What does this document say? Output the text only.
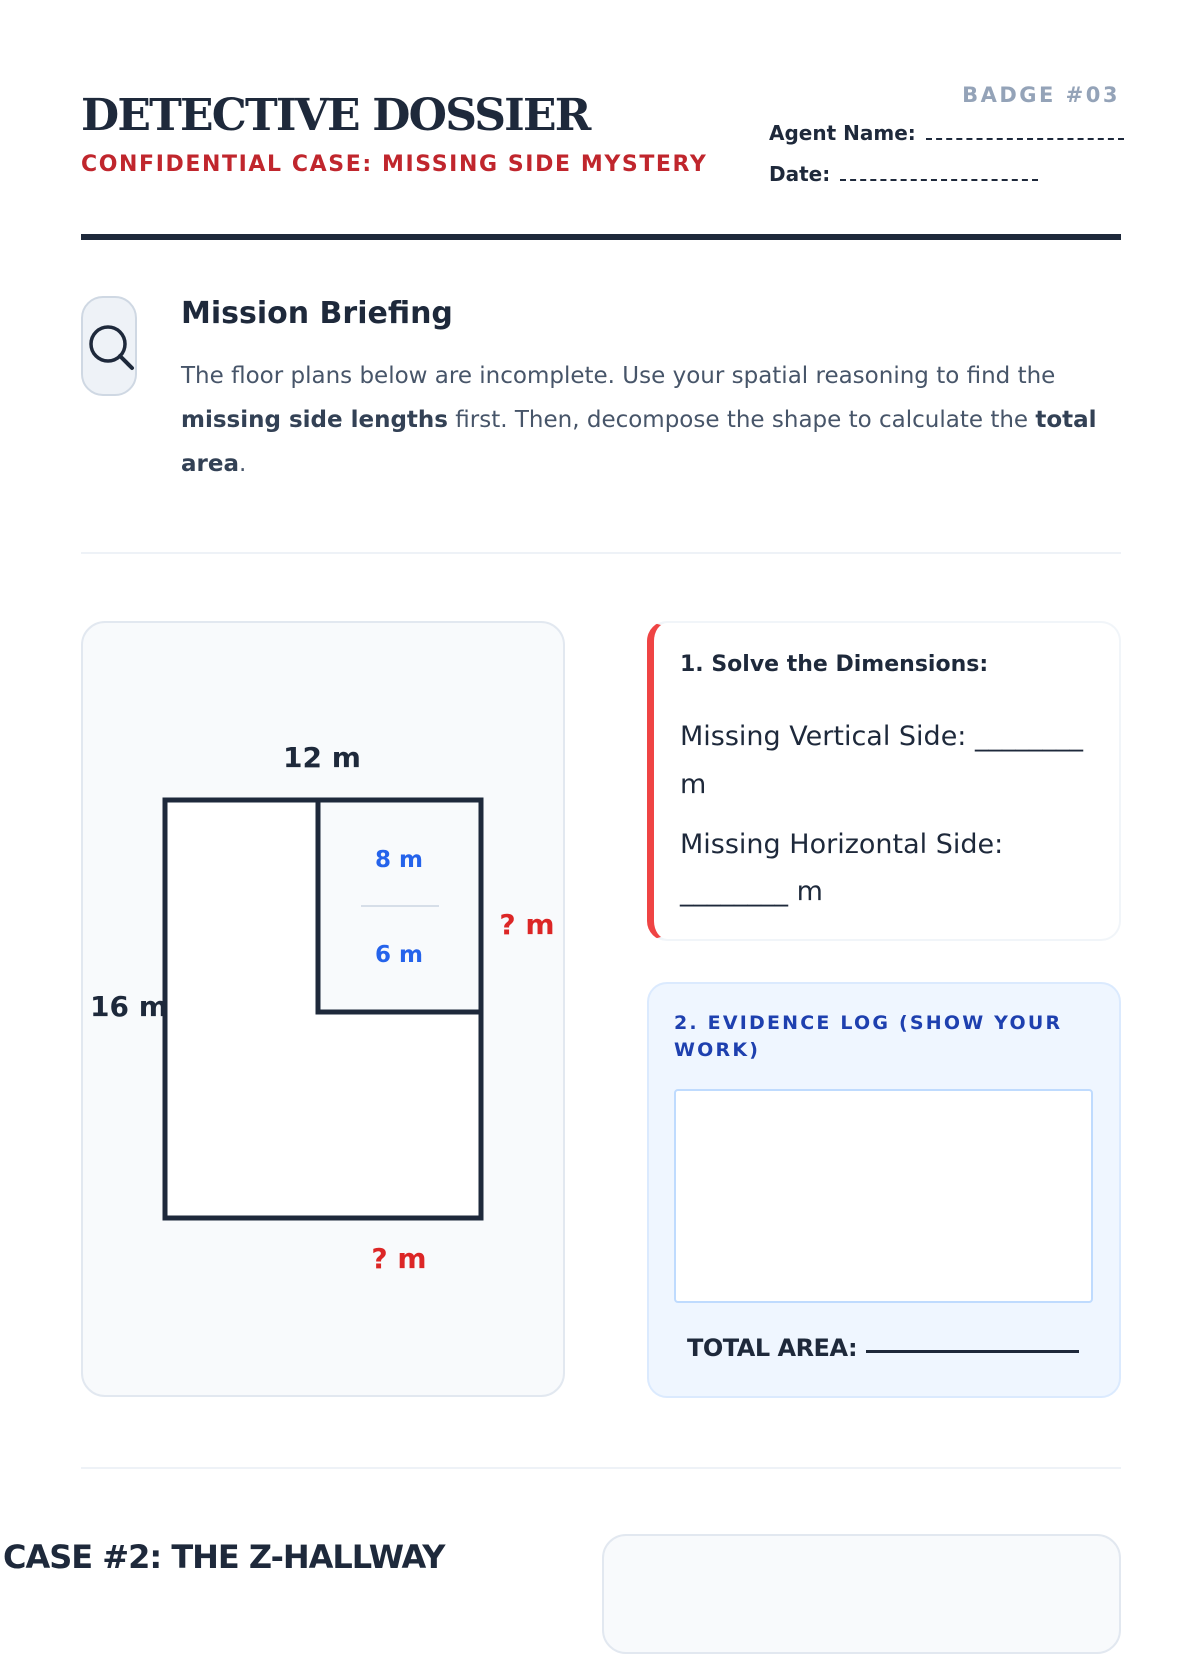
DETECTIVE DOSSIER
CONFIDENTIAL CASE: MISSING SIDE MYSTERY
BADGE #03
Agent Name:
Date:
Mission Briefing

The floor plans below are incomplete. Use your spatial reasoning to find the missing side lengths first. Then, decompose the shape to calculate the total area.

12 m
16 m
8 m
6 m
? m
? m
1. Solve the Dimensions:
Missing Vertical Side: ________
m
Missing Horizontal Side:
________ m
2. EVIDENCE LOG (SHOW YOUR WORK)
TOTAL AREA:
CASE #2: THE Z-HALLWAY
